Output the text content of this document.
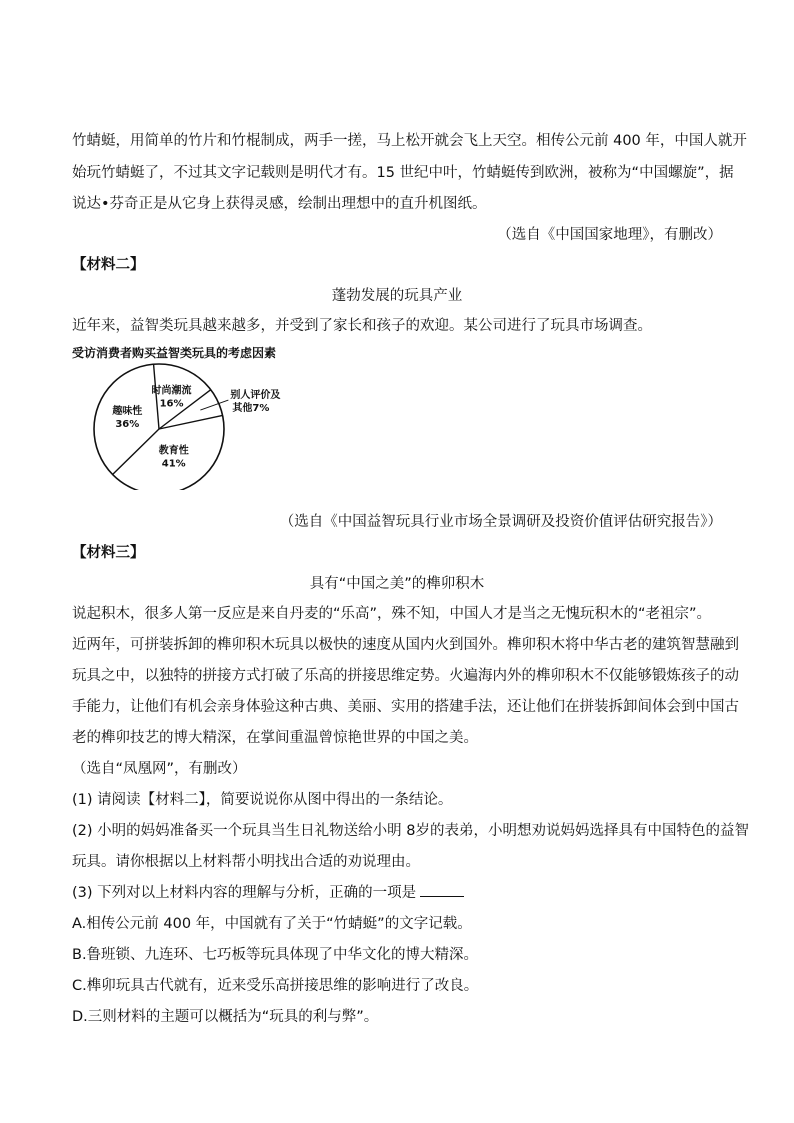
竹蜻蜓，用简单的竹片和竹棍制成，两手一搓，马上松开就会飞上天空。相传公元前 400 年，中国人就开
始玩竹蜻蜓了，不过其文字记载则是明代才有。15 世纪中叶，竹蜻蜓传到欧洲，被称为“中国螺旋”，据
说达•芬奇正是从它身上获得灵感，绘制出理想中的直升机图纸。
（选自《中国国家地理》，有删改）
【材料二】
蓬勃发展的玩具产业
近年来，益智类玩具越来越多，并受到了家长和孩子的欢迎。某公司进行了玩具市场调查。
受访消费者购买益智类玩具的考虑因素
教育性
41%
趣味性
36%
时尚潮流
16%
别人评价及
其他7%
（选自《中国益智玩具行业市场全景调研及投资价值评估研究报告》）
【材料三】
具有“中国之美”的榫卯积木
说起积木，很多人第一反应是来自丹麦的“乐高”，殊不知，中国人才是当之无愧玩积木的“老祖宗”。
近两年，可拼装拆卸的榫卯积木玩具以极快的速度从国内火到国外。榫卯积木将中华古老的建筑智慧融到
玩具之中，以独特的拼接方式打破了乐高的拼接思维定势。火遍海内外的榫卯积木不仅能够锻炼孩子的动
手能力，让他们有机会亲身体验这种古典、美丽、实用的搭建手法，还让他们在拼装拆卸间体会到中国古
老的榫卯技艺的博大精深，在掌间重温曾惊艳世界的中国之美。
（选自“凤凰网”，有删改）
(1) 请阅读【材料二】，简要说说你从图中得出的一条结论。
(2) 小明的妈妈准备买一个玩具当生日礼物送给小明 8岁的表弟，小明想劝说妈妈选择具有中国特色的益智
玩具。请你根据以上材料帮小明找出合适的劝说理由。
(3) 下列对以上材料内容的理解与分析，正确的一项是
A.相传公元前 400 年，中国就有了关于“竹蜻蜓”的文字记载。
B.鲁班锁、九连环、七巧板等玩具体现了中华文化的博大精深。
C.榫卯玩具古代就有，近来受乐高拼接思维的影响进行了改良。
D.三则材料的主题可以概括为“玩具的利与弊”。
